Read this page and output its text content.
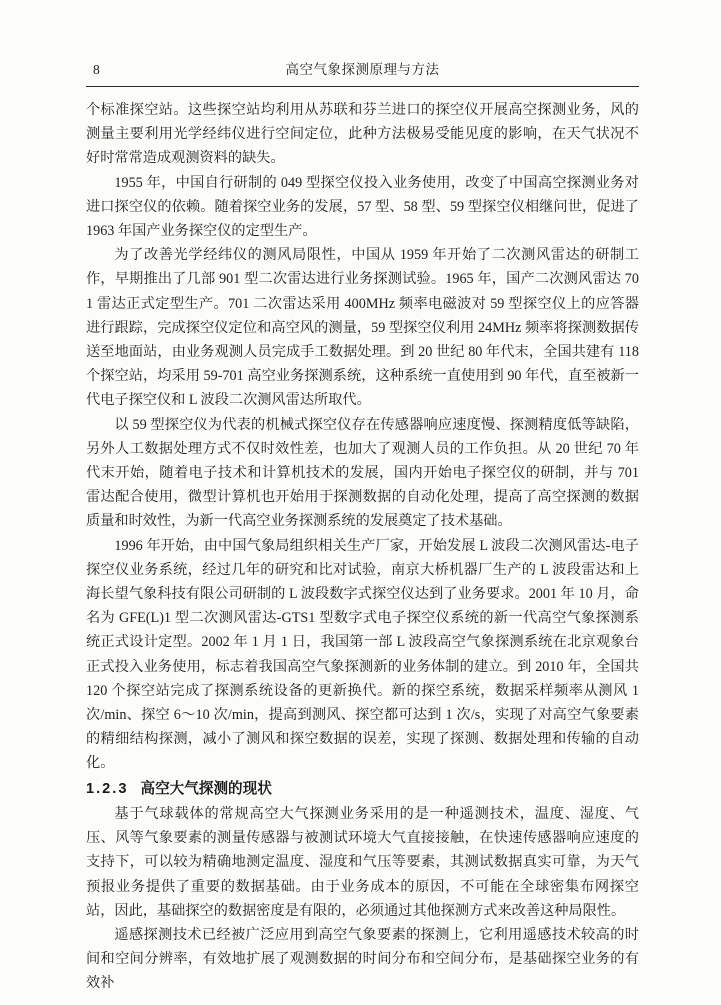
8	高空气象探测原理与方法

个标准探空站。这些探空站均利用从苏联和芬兰进口的探空仪开展高空探测业务，风的测量主要利用光学经纬仪进行空间定位，此种方法极易受能见度的影响，在天气状况不好时常常造成观测资料的缺失。

1955 年，中国自行研制的 049 型探空仪投入业务使用，改变了中国高空探测业务对进口探空仪的依赖。随着探空业务的发展，57 型、58 型、59 型探空仪相继问世，促进了 1963 年国产业务探空仪的定型生产。

为了改善光学经纬仪的测风局限性，中国从 1959 年开始了二次测风雷达的研制工作，早期推出了几部 901 型二次雷达进行业务探测试验。1965 年，国产二次测风雷达 701 雷达正式定型生产。701 二次雷达采用 400MHz 频率电磁波对 59 型探空仪上的应答器进行跟踪，完成探空仪定位和高空风的测量，59 型探空仪利用 24MHz 频率将探测数据传送至地面站，由业务观测人员完成手工数据处理。到 20 世纪 80 年代末，全国共建有 118 个探空站，均采用 59-701 高空业务探测系统，这种系统一直使用到 90 年代，直至被新一代电子探空仪和 L 波段二次测风雷达所取代。

以 59 型探空仪为代表的机械式探空仪存在传感器响应速度慢、探测精度低等缺陷，另外人工数据处理方式不仅时效性差，也加大了观测人员的工作负担。从 20 世纪 70 年代末开始，随着电子技术和计算机技术的发展，国内开始电子探空仪的研制，并与 701 雷达配合使用，微型计算机也开始用于探测数据的自动化处理，提高了高空探测的数据质量和时效性，为新一代高空业务探测系统的发展奠定了技术基础。

1996 年开始，由中国气象局组织相关生产厂家，开始发展 L 波段二次测风雷达-电子探空仪业务系统，经过几年的研究和比对试验，南京大桥机器厂生产的 L 波段雷达和上海长望气象科技有限公司研制的 L 波段数字式探空仪达到了业务要求。2001 年 10 月，命名为 GFE(L)1 型二次测风雷达-GTS1 型数字式电子探空仪系统的新一代高空气象探测系统正式设计定型。2002 年 1 月 1 日，我国第一部 L 波段高空气象探测系统在北京观象台正式投入业务使用，标志着我国高空气象探测新的业务体制的建立。到 2010 年，全国共 120 个探空站完成了探测系统设备的更新换代。新的探空系统，数据采样频率从测风 1 次/min、探空 6～10 次/min，提高到测风、探空都可达到 1 次/s，实现了对高空气象要素的精细结构探测，减小了测风和探空数据的误差，实现了探测、数据处理和传输的自动化。

1.2.3 高空大气探测的现状

基于气球载体的常规高空大气探测业务采用的是一种遥测技术，温度、湿度、气压、风等气象要素的测量传感器与被测试环境大气直接接触，在快速传感器响应速度的支持下，可以较为精确地测定温度、湿度和气压等要素，其测试数据真实可靠，为天气预报业务提供了重要的数据基础。由于业务成本的原因，不可能在全球密集布网探空站，因此，基础探空的数据密度是有限的，必须通过其他探测方式来改善这种局限性。

遥感探测技术已经被广泛应用到高空气象要素的探测上，它利用遥感技术较高的时间和空间分辨率，有效地扩展了观测数据的时间分布和空间分布，是基础探空业务的有效补
